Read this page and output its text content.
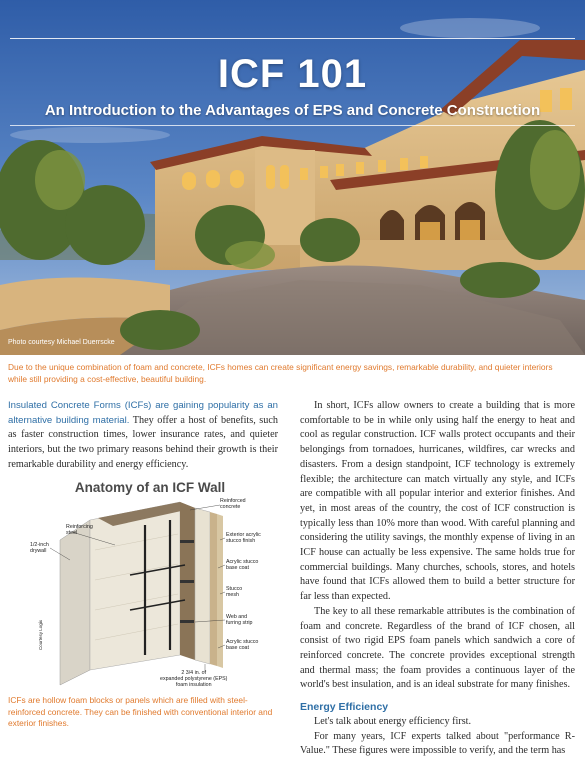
ICF 101
An Introduction to the Advantages of EPS and Concrete Construction
Photo courtesy Michael Duerrscke
Due to the unique combination of foam and concrete, ICFs homes can create significant energy savings, remarkable durability, and quieter interiors while still providing a cost-effective, beautiful building.

Insulated Concrete Forms (ICFs) are gaining popularity as an alternative building material. They offer a host of benefits, such as faster construction times, lower insurance rates, and quieter interiors, but the two primary reasons behind their growth is their remarkable durability and energy efficiency.

Anatomy of an ICF Wall
Reinforced
concrete
Reinforcing
steel
1/2-inch
drywall
Exterior acrylic
stucco finish
Acrylic stucco
base coat
Stucco
mesh
Web and
furring strip
Acrylic stucco
base coat
2 3/4 in. of
expanded polystyrene (EPS)
foam insulation
Courtesy Logix
ICFs are hollow foam blocks or panels which are filled with steel-reinforced concrete. They can be finished with conventional interior and exterior finishes.

In short, ICFs allow owners to create a building that is more comfortable to be in while only using half the energy to heat and cool as regular construction. ICF walls protect occupants and their belongings from tornadoes, hurricanes, wildfires, car wrecks and disasters. From a design standpoint, ICF technology is extremely flexible; the architecture can match virtually any style, and ICFs are compatible with all popular interior and exterior finishes. And yet, in most areas of the country, the cost of ICF construction is typically less than 10% more than wood. With careful planning and considering the utility savings, the monthly expense of living in an ICF house can actually be less expensive. The same holds true for commercial buildings. Many churches, schools, stores, and hotels have found that ICFs allowed them to build a better structure for far less than expected.

The key to all these remarkable attributes is the combination of foam and concrete. Regardless of the brand of ICF chosen, all consist of two rigid EPS foam panels which sandwich a core of reinforced concrete. The concrete provides exceptional strength and thermal mass; the foam provides a continuous layer of the world's best insulation, and is an ideal substrate for many finishes.

Energy Efficiency

Let's talk about energy efficiency first.

For many years, ICF experts talked about "performance R-Value." These figures were impossible to verify, and the term has
